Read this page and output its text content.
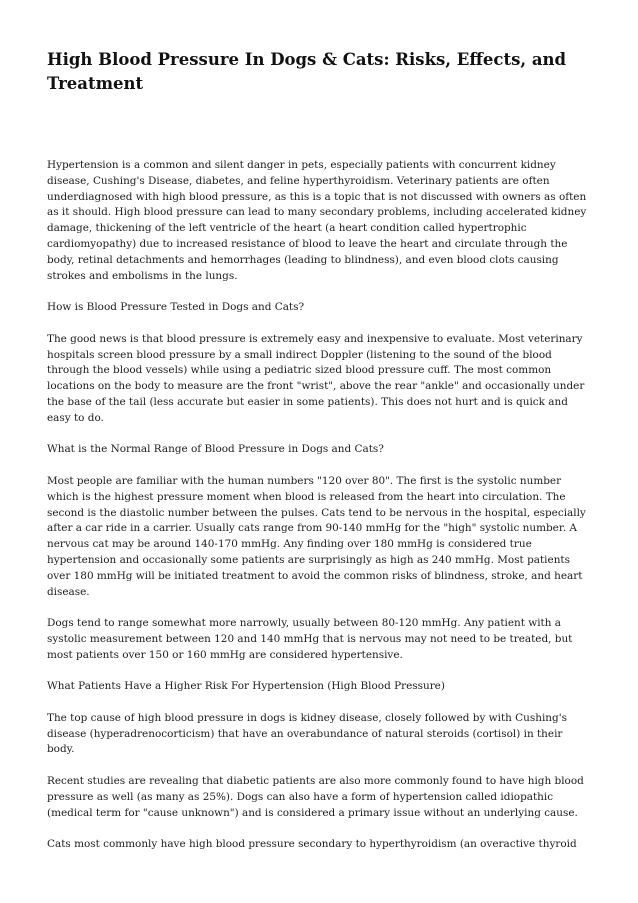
High Blood Pressure In Dogs & Cats: Risks, Effects, and Treatment

Hypertension is a common and silent danger in pets, especially patients with concurrent kidney disease, Cushing's Disease, diabetes, and feline hyperthyroidism. Veterinary patients are often underdiagnosed with high blood pressure, as this is a topic that is not discussed with owners as often as it should. High blood pressure can lead to many secondary problems, including accelerated kidney damage, thickening of the left ventricle of the heart (a heart condition called hypertrophic cardiomyopathy) due to increased resistance of blood to leave the heart and circulate through the body, retinal detachments and hemorrhages (leading to blindness), and even blood clots causing strokes and embolisms in the lungs.

How is Blood Pressure Tested in Dogs and Cats?

The good news is that blood pressure is extremely easy and inexpensive to evaluate. Most veterinary hospitals screen blood pressure by a small indirect Doppler (listening to the sound of the blood through the blood vessels) while using a pediatric sized blood pressure cuff. The most common locations on the body to measure are the front "wrist", above the rear "ankle" and occasionally under the base of the tail (less accurate but easier in some patients). This does not hurt and is quick and easy to do.

What is the Normal Range of Blood Pressure in Dogs and Cats?

Most people are familiar with the human numbers "120 over 80". The first is the systolic number which is the highest pressure moment when blood is released from the heart into circulation. The second is the diastolic number between the pulses. Cats tend to be nervous in the hospital, especially after a car ride in a carrier. Usually cats range from 90-140 mmHg for the "high" systolic number. A nervous cat may be around 140-170 mmHg. Any finding over 180 mmHg is considered true hypertension and occasionally some patients are surprisingly as high as 240 mmHg. Most patients over 180 mmHg will be initiated treatment to avoid the common risks of blindness, stroke, and heart disease.

Dogs tend to range somewhat more narrowly, usually between 80-120 mmHg. Any patient with a systolic measurement between 120 and 140 mmHg that is nervous may not need to be treated, but most patients over 150 or 160 mmHg are considered hypertensive.

What Patients Have a Higher Risk For Hypertension (High Blood Pressure)

The top cause of high blood pressure in dogs is kidney disease, closely followed by with Cushing's disease (hyperadrenocorticism) that have an overabundance of natural steroids (cortisol) in their body.

Recent studies are revealing that diabetic patients are also more commonly found to have high blood pressure as well (as many as 25%). Dogs can also have a form of hypertension called idiopathic (medical term for "cause unknown") and is considered a primary issue without an underlying cause.

Cats most commonly have high blood pressure secondary to hyperthyroidism (an overactive thyroid
